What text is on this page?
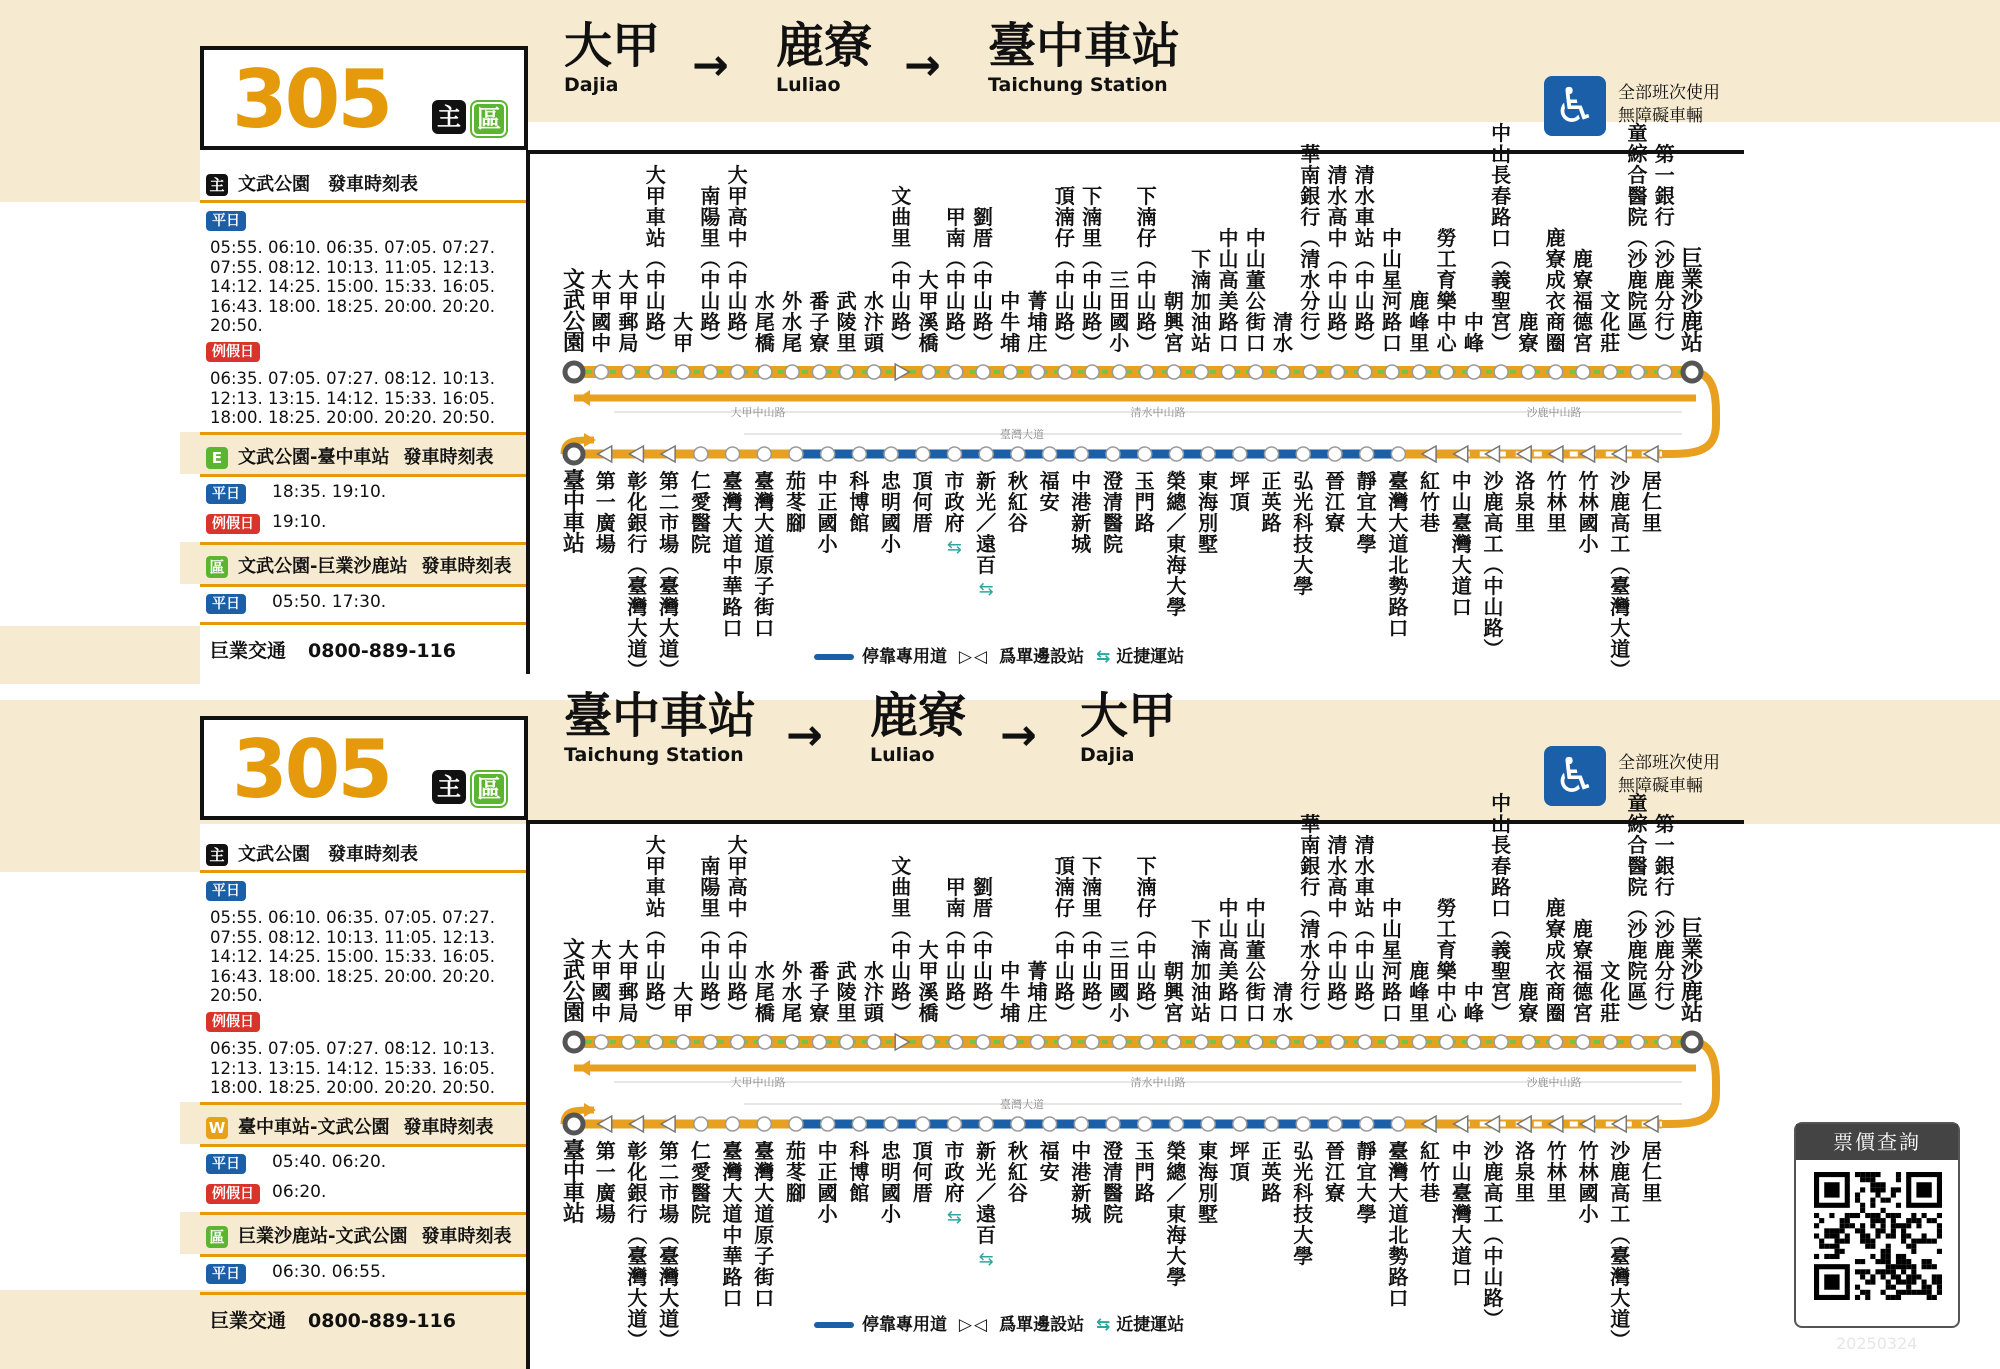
305 主 區
大甲
Dajia	→ 鹿寮
Luliao	→ 臺中車站
Taichung Station	♿	全部班次使用
無障礙車輛
主 文武公園　發車時刻表
平日
05:55. 06:10. 06:35. 07:05. 07:27.
07:55. 08:12. 10:13. 11:05. 12:13.
14:12. 14:25. 15:00. 15:33. 16:05.
16:43. 18:00. 18:25. 20:00. 20:20.
20:50.
例假日
06:35. 07:05. 07:27. 08:12. 10:13.
12:13. 13:15. 14:12. 15:33. 16:05.
18:00. 18:25. 20:00. 20:20. 20:50.
E 文武公園-臺中車站 發車時刻表
平日	18:35. 19:10.
例假日	19:10.
區 文武公園-巨業沙鹿站 發車時刻表
平日	05:50. 17:30.
巨業交通 0800-889-116
大甲中山路	清水中山路	沙鹿中山路
臺灣大道
文武公園
大甲國中
大甲郵局
大甲車站︵中山路︶
大甲
南陽里︵中山路︶
大甲高中︵中山路︶
水尾橋
外水尾
番子寮
武陵里
水汴頭
文曲里︵中山路︶
大甲溪橋
甲南︵中山路︶
劉厝︵中山路︶
中牛埔
菁埔庄
頂湳仔︵中山路︶
下湳里︵中山路︶
三田國小
下湳仔︵中山路︶
朝興宮
下湳加油站
中山高美路口
中山董公街口
清水
華南銀行︵清水分行︶
清水高中︵中山路︶
清水車站︵中山路︶
中山星河路口
鹿峰里
勞工育樂中心
中峰
中山長春路口︵義聖宮︶
鹿寮
鹿寮成衣商圈
鹿寮福德宮
文化莊
童綜合醫院︵沙鹿院區︶
第一銀行︵沙鹿分行︶
巨業沙鹿站
臺中車站
第一廣場
彰化銀行︵臺灣大道︶
第二市場︵臺灣大道︶
仁愛醫院
臺灣大道中華路口
臺灣大道原子街口
茄苳腳
中正國小
科博館
忠明國小
頂何厝
市政府
⇆
新光／遠百
⇆
秋紅谷
福安
中港新城
澄清醫院
玉門路
榮總／東海大學
東海別墅
坪頂
正英路
弘光科技大學
晉江寮
靜宜大學
臺灣大道北勢路口
紅竹巷
中山臺灣大道口
沙鹿高工︵中山路︶
洛泉里
竹林里
竹林國小
沙鹿高工︵臺灣大道︶
居仁里
停靠專用道 ▷◁ 爲單邊設站 ⇆ 近捷運站
305 主 區
臺中車站
Taichung Station → 鹿寮
Luliao	→ 大甲
Dajia	♿	全部班次使用
無障礙車輛
主 文武公園　發車時刻表
平日
05:55. 06:10. 06:35. 07:05. 07:27.
07:55. 08:12. 10:13. 11:05. 12:13.
14:12. 14:25. 15:00. 15:33. 16:05.
16:43. 18:00. 18:25. 20:00. 20:20.
20:50.
例假日
06:35. 07:05. 07:27. 08:12. 10:13.
12:13. 13:15. 14:12. 15:33. 16:05.
18:00. 18:25. 20:00. 20:20. 20:50.
W 臺中車站-文武公園 發車時刻表
平日	05:40. 06:20.
例假日	06:20.
區 巨業沙鹿站-文武公園 發車時刻表
平日	06:30. 06:55.
巨業交通 0800-889-116
大甲中山路	清水中山路	沙鹿中山路
臺灣大道
文武公園
大甲國中
大甲郵局
大甲車站︵中山路︶
大甲
南陽里︵中山路︶
大甲高中︵中山路︶
水尾橋
外水尾
番子寮
武陵里
水汴頭
文曲里︵中山路︶
大甲溪橋
甲南︵中山路︶
劉厝︵中山路︶
中牛埔
菁埔庄
頂湳仔︵中山路︶
下湳里︵中山路︶
三田國小
下湳仔︵中山路︶
朝興宮
下湳加油站
中山高美路口
中山董公街口
清水
華南銀行︵清水分行︶
清水高中︵中山路︶
清水車站︵中山路︶
中山星河路口
鹿峰里
勞工育樂中心
中峰
中山長春路口︵義聖宮︶
鹿寮
鹿寮成衣商圈
鹿寮福德宮
文化莊
童綜合醫院︵沙鹿院區︶
第一銀行︵沙鹿分行︶
巨業沙鹿站
臺中車站
第一廣場
彰化銀行︵臺灣大道︶
第二市場︵臺灣大道︶
仁愛醫院
臺灣大道中華路口
臺灣大道原子街口
茄苳腳
中正國小
科博館
忠明國小
頂何厝
市政府
⇆
新光／遠百
⇆
秋紅谷
福安
中港新城
澄清醫院
玉門路
榮總／東海大學
東海別墅
坪頂
正英路
弘光科技大學
晉江寮
靜宜大學
臺灣大道北勢路口
紅竹巷
中山臺灣大道口
沙鹿高工︵中山路︶
洛泉里
竹林里
竹林國小
沙鹿高工︵臺灣大道︶
居仁里
停靠專用道 ▷◁ 爲單邊設站 ⇆ 近捷運站
票價查詢
20250324
